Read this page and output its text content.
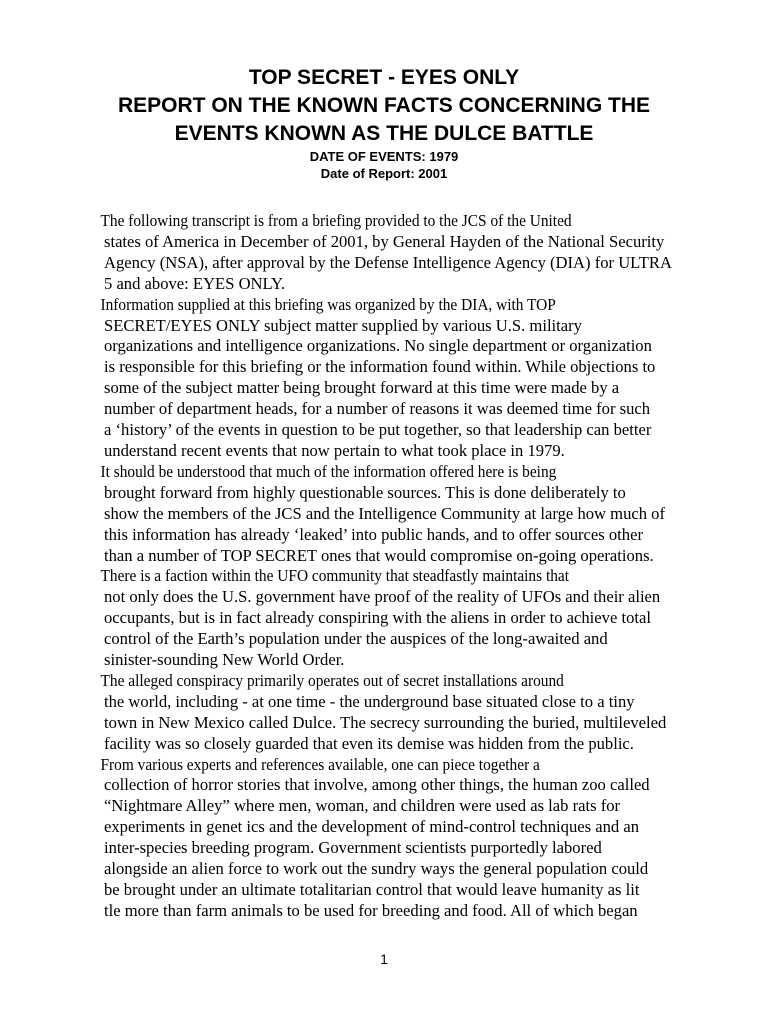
TOP SECRET - EYES ONLY
REPORT ON THE KNOWN FACTS CONCERNING THE
EVENTS KNOWN AS THE DULCE BATTLE
DATE OF EVENTS: 1979
Date of Report: 2001

The following transcript is from a briefing provided to the JCS of the United
states of America in December of 2001, by General Hayden of the National Security
Agency (NSA), after approval by the Defense Intelligence Agency (DIA) for ULTRA
5 and above: EYES ONLY.

Information supplied at this briefing was organized by the DIA, with TOP
SECRET/EYES ONLY subject matter supplied by various U.S. military
organizations and intelligence organizations. No single department or organization
is responsible for this briefing or the information found within. While objections to
some of the subject matter being brought forward at this time were made by a
number of department heads, for a number of reasons it was deemed time for such
a ‘history’ of the events in question to be put together, so that leadership can better
understand recent events that now pertain to what took place in 1979.

It should be understood that much of the information offered here is being
brought forward from highly questionable sources. This is done deliberately to
show the members of the JCS and the Intelligence Community at large how much of
this information has already ‘leaked’ into public hands, and to offer sources other
than a number of TOP SECRET ones that would compromise on-going operations.

There is a faction within the UFO community that steadfastly maintains that
not only does the U.S. government have proof of the reality of UFOs and their alien
occupants, but is in fact already conspiring with the aliens in order to achieve total
control of the Earth’s population under the auspices of the long-awaited and
sinister-sounding New World Order.

The alleged conspiracy primarily operates out of secret installations around
the world, including - at one time - the underground base situated close to a tiny
town in New Mexico called Dulce. The secrecy surrounding the buried, multileveled
facility was so closely guarded that even its demise was hidden from the public.

From various experts and references available, one can piece together a
collection of horror stories that involve, among other things, the human zoo called
“Nightmare Alley” where men, woman, and children were used as lab rats for
experiments in genet ics and the development of mind-control techniques and an
inter-species breeding program. Government scientists purportedly labored
alongside an alien force to work out the sundry ways the general population could
be brought under an ultimate totalitarian control that would leave humanity as lit
tle more than farm animals to be used for breeding and food. All of which began

1
